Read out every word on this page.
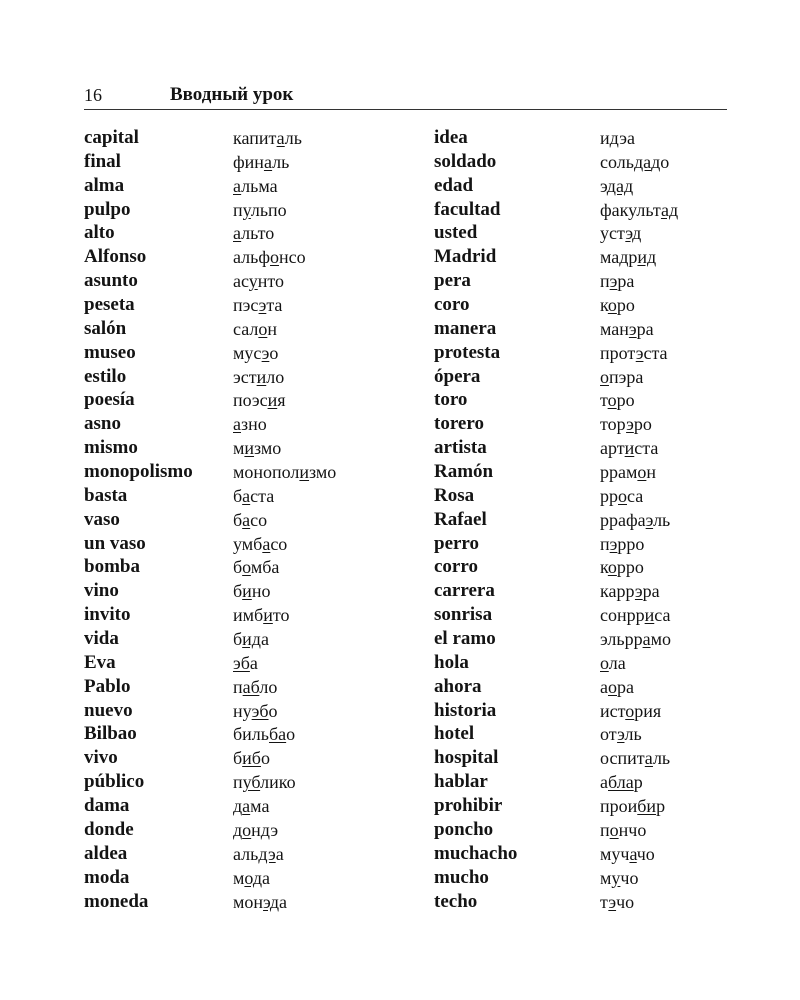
16	Вводный урок
capital	капиталь	idea	идэа
final	финаль	soldado	сольдадо
alma	альма	edad	эдад
pulpo	пульпо	facultad	факультад
alto	альто	usted	устэд
Alfonso	альфонсо	Madrid	мадрид
asunto	асунто	pera	пэра
peseta	пэсэта	coro	коро
salón	салон	manera	манэра
museo	мусэо	protesta	протэста
estilo	эстило	ópera	опэра
poesía	поэсия	toro	торо
asno	азно	torero	торэро
mismo	мизмо	artista	артиста
monopolismo монополизмо	Ramón	ррамон
basta	баста	Rosa	ррoса
vaso	басо	Rafael	ррафаэль
un vaso	умбасо	perro	пэрро
bomba	бомба	corro	корро
vino	бино	carrera	каррэра
invito	имбито	sonrisa	сонрриса
vida	бида	el ramo	эльррамо
Eva	эба	hola	ола
Pablo	пабло	ahora	аора
nuevo	нуэбо	historia	история
Bilbao	бильбао	hotel	отэль
vivo	бибо	hospital	оспиталь
público	публико	hablar	аблар
dama	дама	prohibir	проибир
donde	дондэ	poncho	пончо
aldea	альдэа	muchacho	мучачо
moda	мода	mucho	мучо
moneda	монэда	techo	тэчо
